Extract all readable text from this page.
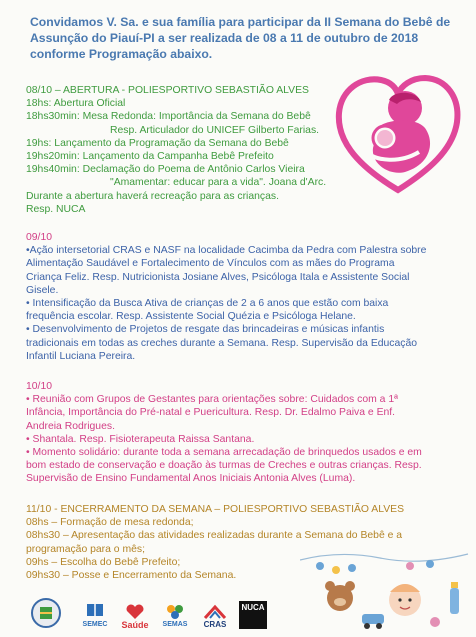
Convidamos V. Sa. e sua família para participar da II Semana do Bebê de
Assunção do Piauí-PI a ser realizada de 08 a 11 de outubro de 2018
conforme Programação abaixo.
08/10 – ABERTURA - POLIESPORTIVO SEBASTIÃO ALVES
18hs: Abertura Oficial
18hs30min: Mesa Redonda: Importância da Semana do Bebê
Resp. Articulador do UNICEF Gilberto Farias.
19hs: Lançamento da Programação da Semana do Bebê
19hs20min: Lançamento da Campanha Bebê Prefeito
19hs40min: Declamação do Poema de Antônio Carlos Vieira
"Amamentar: educar para a vida". Joana d'Arc.
Durante a abertura haverá recreação para as crianças.
Resp. NUCA
09/10
•Ação intersetorial CRAS e NASF na localidade Cacimba da Pedra com Palestra sobre
Alimentação Saudável e Fortalecimento de Vínculos com as mães do Programa
Criança Feliz. Resp. Nutricionista Josiane Alves, Psicóloga Itala e Assistente Social
Gisele.
• Intensificação da Busca Ativa de crianças de 2 a 6 anos que estão com baixa
frequência escolar. Resp. Assistente Social Quézia e Psicóloga Helane.
• Desenvolvimento de Projetos de resgate das brincadeiras e músicas infantis
tradicionais em todas as creches durante a Semana. Resp. Supervisão da Educação
Infantil Luciana Pereira.
10/10
• Reunião com Grupos de Gestantes para orientações sobre: Cuidados com a 1ª
Infância, Importância do Pré-natal e Puericultura. Resp. Dr. Edalmo Paiva e Enf.
Andreia Rodrigues.
• Shantala. Resp. Fisioterapeuta Raissa Santana.
• Momento solidário: durante toda a semana arrecadação de brinquedos usados e em
bom estado de conservação e doação às turmas de Creches e outras crianças. Resp.
Supervisão de Ensino Fundamental Anos Iniciais Antonia Alves (Luma).
11/10 - ENCERRAMENTO DA SEMANA – POLIESPORTIVO SEBASTIÃO ALVES
08hs – Formação de mesa redonda;
08hs30 – Apresentação das atividades realizadas durante a Semana do Bebê e a
programação para o mês;
09hs – Escolha do Bebê Prefeito;
09hs30 – Posse e Encerramento da Semana.
SEMEC Saúde SEMAS CRAS
NUCA
